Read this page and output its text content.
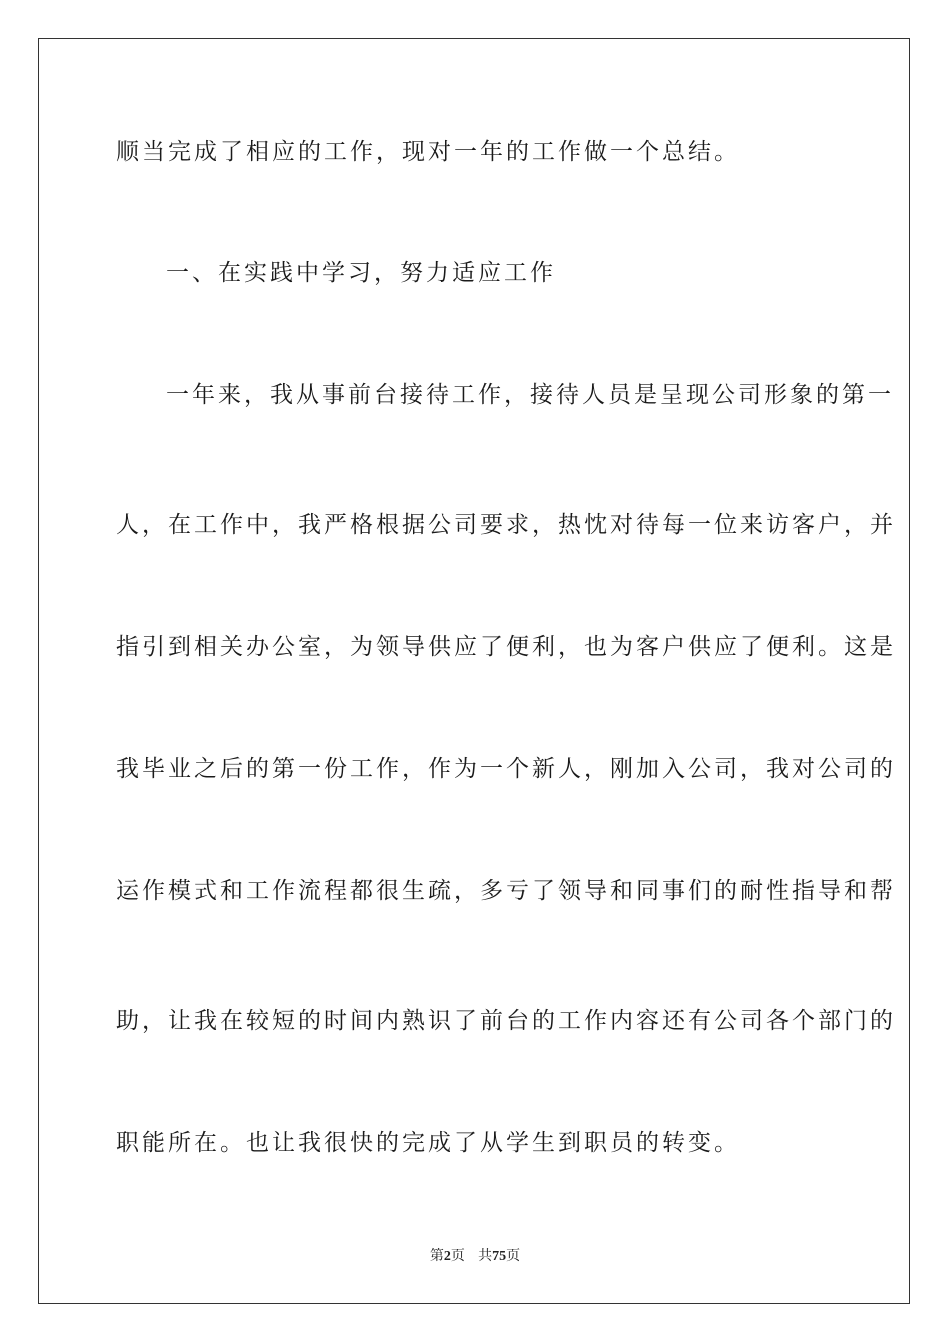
顺当完成了相应的工作，现对一年的工作做一个总结。
一、在实践中学习，努力适应工作
一年来，我从事前台接待工作，接待人员是呈现公司形象的第一
人，在工作中，我严格根据公司要求，热忱对待每一位来访客户，并
指引到相关办公室，为领导供应了便利，也为客户供应了便利。这是
我毕业之后的第一份工作，作为一个新人，刚加入公司，我对公司的
运作模式和工作流程都很生疏，多亏了领导和同事们的耐性指导和帮
助，让我在较短的时间内熟识了前台的工作内容还有公司各个部门的
职能所在。也让我很快的完成了从学生到职员的转变。
第2页 共75页
